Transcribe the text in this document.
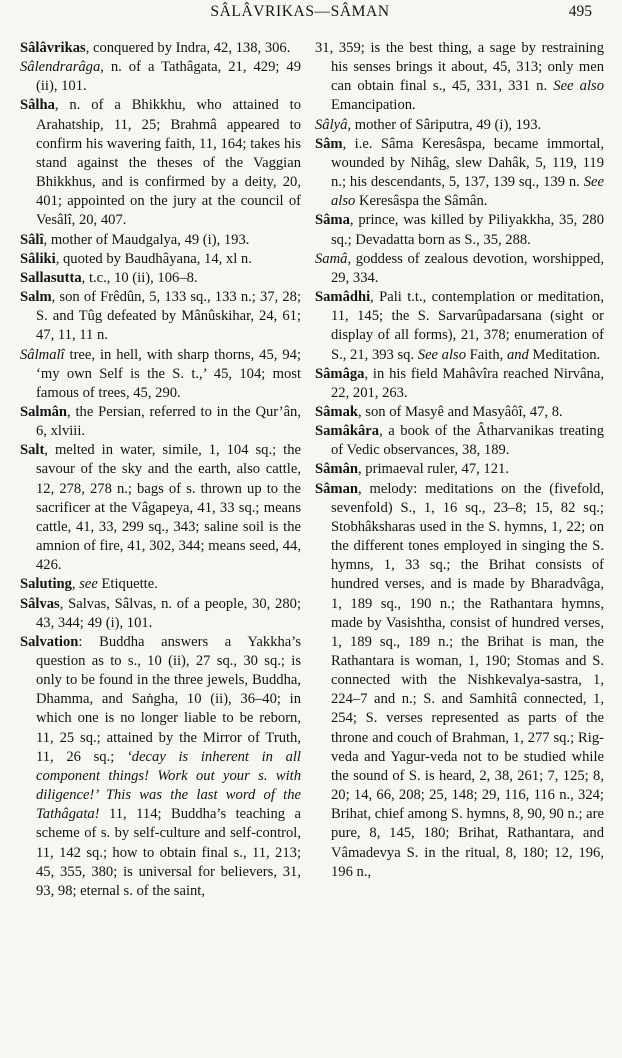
SÂLÂVRIKAS—SÂMAN	495

Sâlâvrikas, conquered by Indra, 42, 138, 306.

Sâlendrarâga, n. of a Tathâgata, 21, 429; 49 (ii), 101.

Sâlha, n. of a Bhikkhu, who attained to Arahatship, 11, 25; Brahmâ appeared to confirm his wavering faith, 11, 164; takes his stand against the theses of the Vaggian Bhikkhus, and is confirmed by a deity, 20, 401; appointed on the jury at the council of Vesâlî, 20, 407.

Sâlî, mother of Maudgalya, 49 (i), 193.

Sâliki, quoted by Baudhâyana, 14, xl n.

Sallasutta, t.c., 10 (ii), 106–8.

Salm, son of Frêdûn, 5, 133 sq., 133 n.; 37, 28; S. and Tûg defeated by Mânûskihar, 24, 61; 47, 11, 11 n.

Sâlmalî tree, in hell, with sharp thorns, 45, 94; ‘my own Self is the S. t.,’ 45, 104; most famous of trees, 45, 290.

Salmân, the Persian, referred to in the Qur’ân, 6, xlviii.

Salt, melted in water, simile, 1, 104 sq.; the savour of the sky and the earth, also cattle, 12, 278, 278 n.; bags of s. thrown up to the sacrificer at the Vâgapeya, 41, 33 sq.; means cattle, 41, 33, 299 sq., 343; saline soil is the amnion of fire, 41, 302, 344; means seed, 44, 426.

Saluting, see Etiquette.

Sâlvas, Salvas, Sâlvas, n. of a people, 30, 280; 43, 344; 49 (i), 101.

Salvation: Buddha answers a Yakkha’s question as to s., 10 (ii), 27 sq., 30 sq.; is only to be found in the three jewels, Buddha, Dhamma, and Saṅgha, 10 (ii), 36–40; in which one is no longer liable to be reborn, 11, 25 sq.; attained by the Mirror of Truth, 11, 26 sq.; ‘decay is inherent in all component things! Work out your s. with diligence!’ This was the last word of the Tathâgata! 11, 114; Buddha’s teaching a scheme of s. by self-culture and self-control, 11, 142 sq.; how to obtain final s., 11, 213; 45, 355, 380; is universal for believers, 31, 93, 98; eternal s. of the saint,

31, 359; is the best thing, a sage by restraining his senses brings it about, 45, 313; only men can obtain final s., 45, 331, 331 n. See also Emancipation.

Sâlyâ, mother of Sâriputra, 49 (i), 193.

Sâm, i.e. Sâma Keresâspa, became immortal, wounded by Nihâg, slew Dahâk, 5, 119, 119 n.; his descendants, 5, 137, 139 sq., 139 n. See also Keresâspa the Sâmân.

Sâma, prince, was killed by Piliyakkha, 35, 280 sq.; Devadatta born as S., 35, 288.

Samâ, goddess of zealous devotion, worshipped, 29, 334.

Samâdhi, Pali t.t., contemplation or meditation, 11, 145; the S. Sarvarûpadarsana (sight or display of all forms), 21, 378; enumeration of S., 21, 393 sq. See also Faith, and Meditation.

Sâmâga, in his field Mahâvîra reached Nirvâna, 22, 201, 263.

Sâmak, son of Masyê and Masyâôî, 47, 8.

Samâkâra, a book of the Âtharvanikas treating of Vedic observances, 38, 189.

Sâmân, primaeval ruler, 47, 121.

Sâman, melody: meditations on the (fivefold, sevenfold) S., 1, 16 sq., 23–8; 15, 82 sq.; Stobhâksharas used in the S. hymns, 1, 22; on the different tones employed in singing the S. hymns, 1, 33 sq.; the Brihat consists of hundred verses, and is made by Bharadvâga, 1, 189 sq., 190 n.; the Rathantara hymns, made by Vasishtha, consist of hundred verses, 1, 189 sq., 189 n.; the Brihat is man, the Rathantara is woman, 1, 190; Stomas and S. connected with the Nishkevalya-sastra, 1, 224–7 and n.; S. and Samhitâ connected, 1, 254; S. verses represented as parts of the throne and couch of Brahman, 1, 277 sq.; Rig-veda and Yagur-veda not to be studied while the sound of S. is heard, 2, 38, 261; 7, 125; 8, 20; 14, 66, 208; 25, 148; 29, 116, 116 n., 324; Brihat, chief among S. hymns, 8, 90, 90 n.; are pure, 8, 145, 180; Brihat, Rathantara, and Vâmadevya S. in the ritual, 8, 180; 12, 196, 196 n.,
